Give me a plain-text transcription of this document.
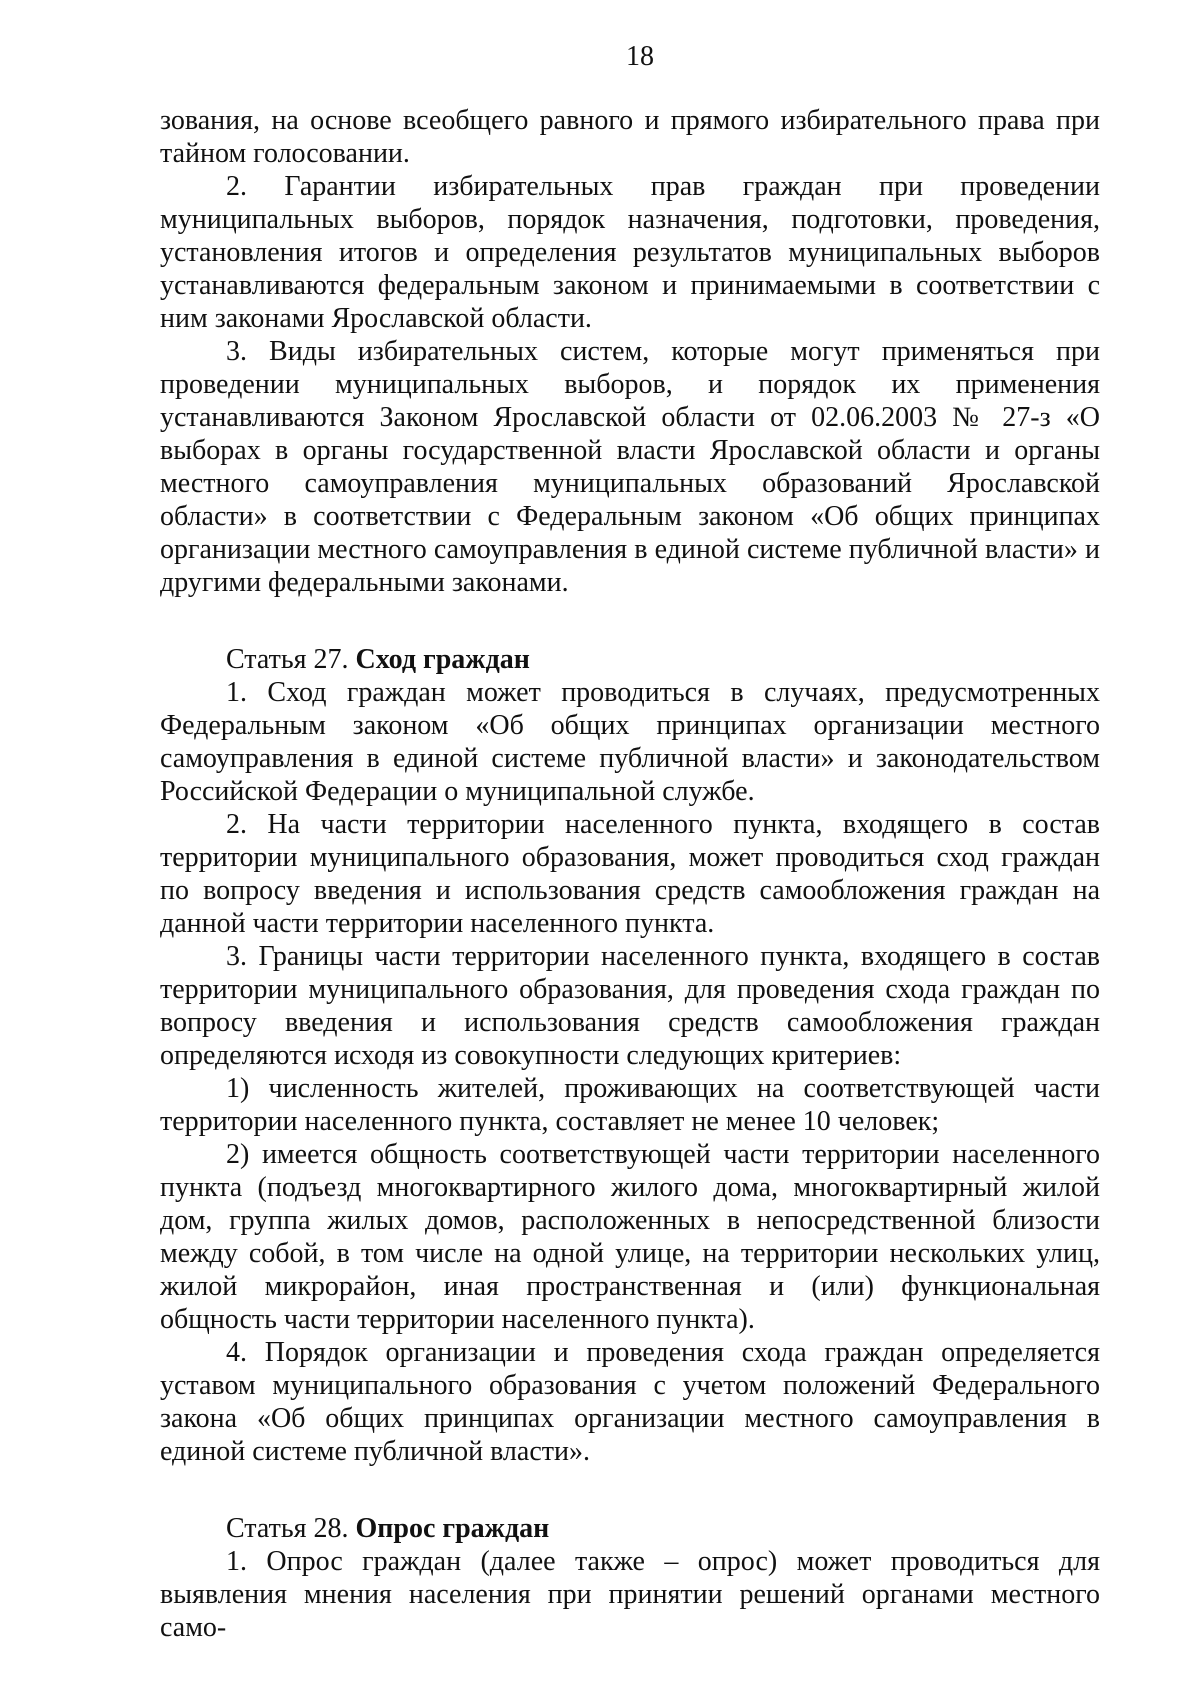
18

зования, на основе всеобщего равного и прямого избирательного права при тайном голосовании.

2. Гарантии избирательных прав граждан при проведении муниципальных выборов, порядок назначения, подготовки, проведения, установления итогов и определения результатов муниципальных выборов устанавливаются федеральным законом и принимаемыми в соответствии с ним законами Ярославской области.

3. Виды избирательных систем, которые могут применяться при проведении муниципальных выборов, и порядок их применения устанавливаются Законом Ярославской области от 02.06.2003 № 27-з «О выборах в органы государственной власти Ярославской области и органы местного самоуправления муниципальных образований Ярославской области» в соответствии с Федеральным законом «Об общих принципах организации местного самоуправления в единой системе публичной власти» и другими федеральными законами.

Статья 27. Сход граждан

1. Сход граждан может проводиться в случаях, предусмотренных Федеральным законом «Об общих принципах организации местного самоуправления в единой системе публичной власти» и законодательством Российской Федерации о муниципальной службе.

2. На части территории населенного пункта, входящего в состав территории муниципального образования, может проводиться сход граждан по вопросу введения и использования средств самообложения граждан на данной части территории населенного пункта.

3. Границы части территории населенного пункта, входящего в состав территории муниципального образования, для проведения схода граждан по вопросу введения и использования средств самообложения граждан определяются исходя из совокупности следующих критериев:

1) численность жителей, проживающих на соответствующей части территории населенного пункта, составляет не менее 10 человек;

2) имеется общность соответствующей части территории населенного пункта (подъезд многоквартирного жилого дома, многоквартирный жилой дом, группа жилых домов, расположенных в непосредственной близости между собой, в том числе на одной улице, на территории нескольких улиц, жилой микрорайон, иная пространственная и (или) функциональная общность части территории населенного пункта).

4. Порядок организации и проведения схода граждан определяется уставом муниципального образования с учетом положений Федерального закона «Об общих принципах организации местного самоуправления в единой системе публичной власти».

Статья 28. Опрос граждан

1. Опрос граждан (далее также – опрос) может проводиться для выявления мнения населения при принятии решений органами местного само-
